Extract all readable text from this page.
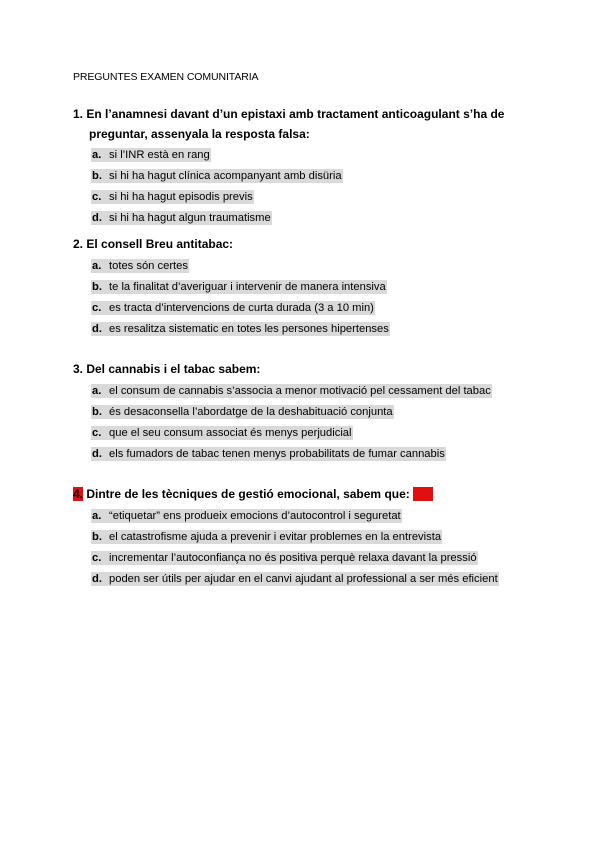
PREGUNTES EXAMEN COMUNITARIA
1. En l’anamnesi davant d’un epistaxi amb tractament anticoagulant s’ha de
preguntar, assenyala la resposta falsa:
a. si l’INR està en rang
b. si hi ha hagut clínica acompanyant amb disüria
c. si hi ha hagut episodis previs
d. si hi ha hagut algun traumatisme
2. El consell Breu antitabac:
a. totes són certes
b. te la finalitat d’averiguar i intervenir de manera intensiva
c. es tracta d’intervencions de curta durada (3 a 10 min)
d. es resalitza sistematic en totes les persones hipertenses
3. Del cannabis i el tabac sabem:
a. el consum de cannabis s’associa a menor motivació pel cessament del tabac
b. és desaconsella l’abordatge de la deshabituació conjunta
c. que el seu consum associat és menys perjudicial
d. els fumadors de tabac tenen menys probabilitats de fumar cannabis
4. Dintre de les tècniques de gestió emocional, sabem que: -----
a. “etiquetar” ens produeix emocions d’autocontrol i seguretat
b. el catastrofisme ajuda a prevenir i evitar problemes en la entrevista
c. incrementar l’autoconfiança no és positiva perquè relaxa davant la pressió
d. poden ser útils per ajudar en el canvi ajudant al professional a ser més eficient
